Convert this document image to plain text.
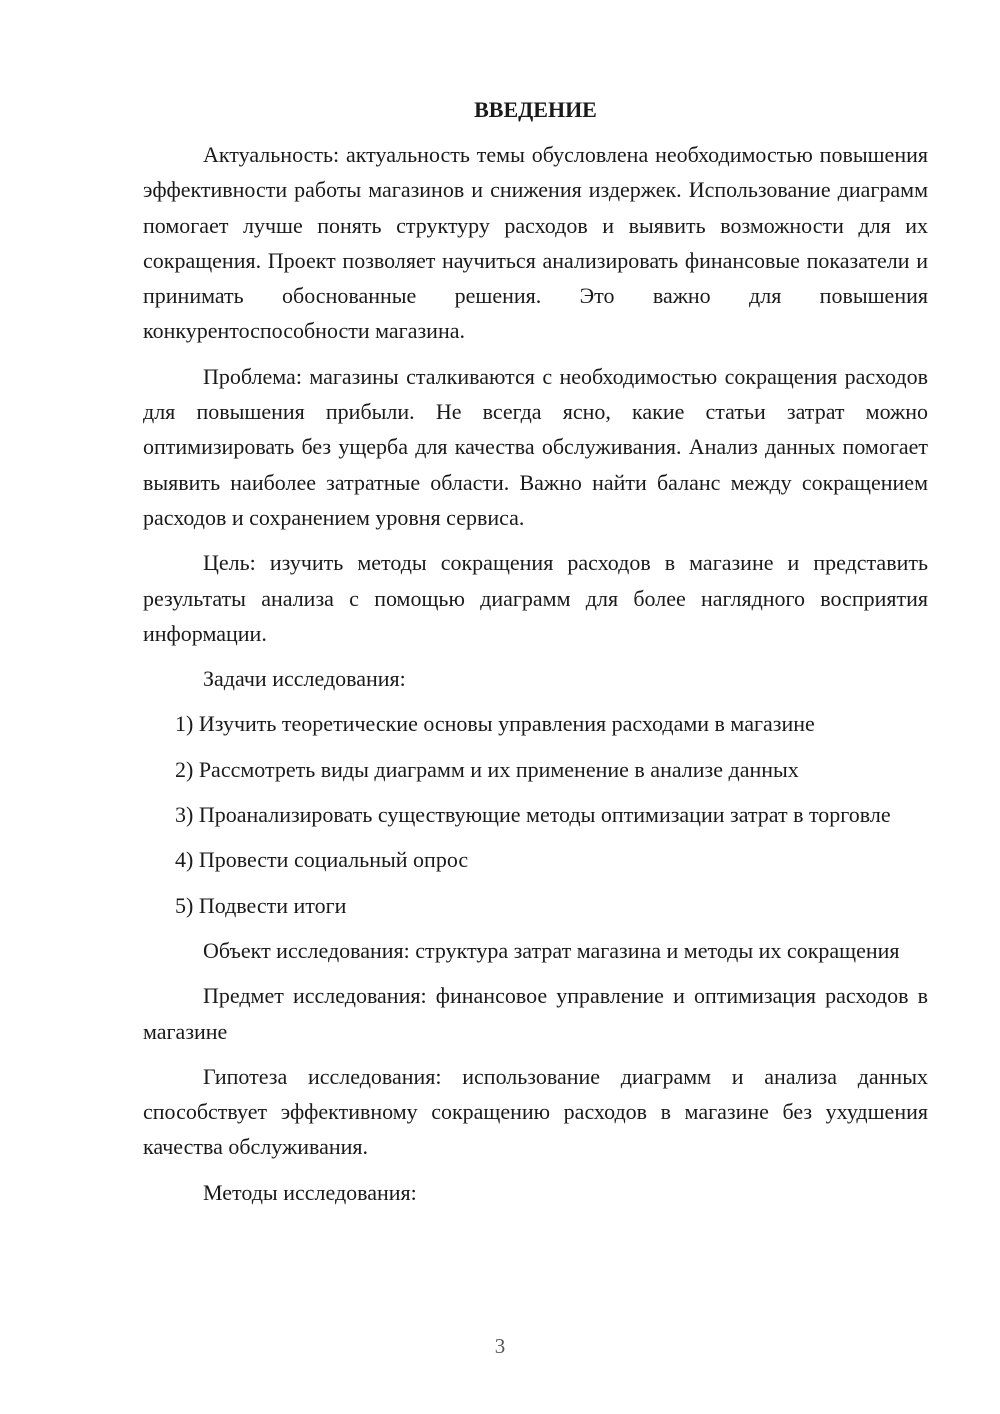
ВВЕДЕНИЕ

Актуальность: актуальность темы обусловлена необходимостью повышения эффективности работы магазинов и снижения издержек. Использование диаграмм помогает лучше понять структуру расходов и выявить возможности для их сокращения. Проект позволяет научиться анализировать финансовые показатели и принимать обоснованные решения. Это важно для повышения конкурентоспособности магазина.

Проблема: магазины сталкиваются с необходимостью сокращения расходов для повышения прибыли. Не всегда ясно, какие статьи затрат можно оптимизировать без ущерба для качества обслуживания. Анализ данных помогает выявить наиболее затратные области. Важно найти баланс между сокращением расходов и сохранением уровня сервиса.

Цель: изучить методы сокращения расходов в магазине и представить результаты анализа с помощью диаграмм для более наглядного восприятия информации.

Задачи исследования:

1) Изучить теоретические основы управления расходами в магазине

2) Рассмотреть виды диаграмм и их применение в анализе данных

3) Проанализировать существующие методы оптимизации затрат в торговле

4) Провести социальный опрос

5) Подвести итоги

Объект исследования: структура затрат магазина и методы их сокращения

Предмет исследования: финансовое управление и оптимизация расходов в магазине

Гипотеза исследования: использование диаграмм и анализа данных способствует эффективному сокращению расходов в магазине без ухудшения качества обслуживания.

Методы исследования:

3
